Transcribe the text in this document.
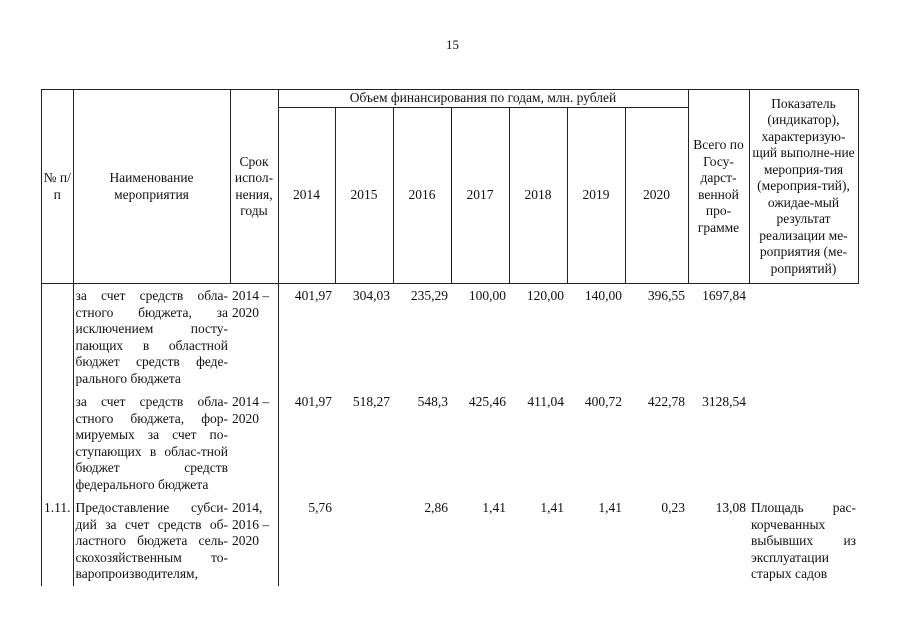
15
№ п/п	Наименование мероприятия	Срок испол-нения, годы	Объем финансирования по годам, млн. рублей							Всего по Госу-дарст-венной про-грамме	Показатель (индикатор), характеризую-щий выполне-ние мероприя-тия (мероприя-тий), ожидае-мый результат реализации ме-роприятия (ме-роприятий)
			2014	2015	2016	2017	2018	2019	2020		
	за счет средств обла-стного бюджета, за исключением посту-пающих в областной бюджет средств феде-рального бюджета	2014 – 2020	401,97	304,03	235,29	100,00	120,00	140,00	396,55	1697,84	
	за счет средств обла-стного бюджета, фор-мируемых за счет по-ступающих в облас-тной бюджет средств федерального бюджета	2014 – 2020	401,97	518,27	548,3	425,46	411,04	400,72	422,78	3128,54	
1.11.	Предоставление субси-дий за счет средств об-ластного бюджета сель-скохозяйственным то-варопроизводителям,	2014, 2016 – 2020	5,76		2,86	1,41	1,41	1,41	0,23	13,08	Площадь рас-корчеванных выбывших из эксплуатации старых садов
